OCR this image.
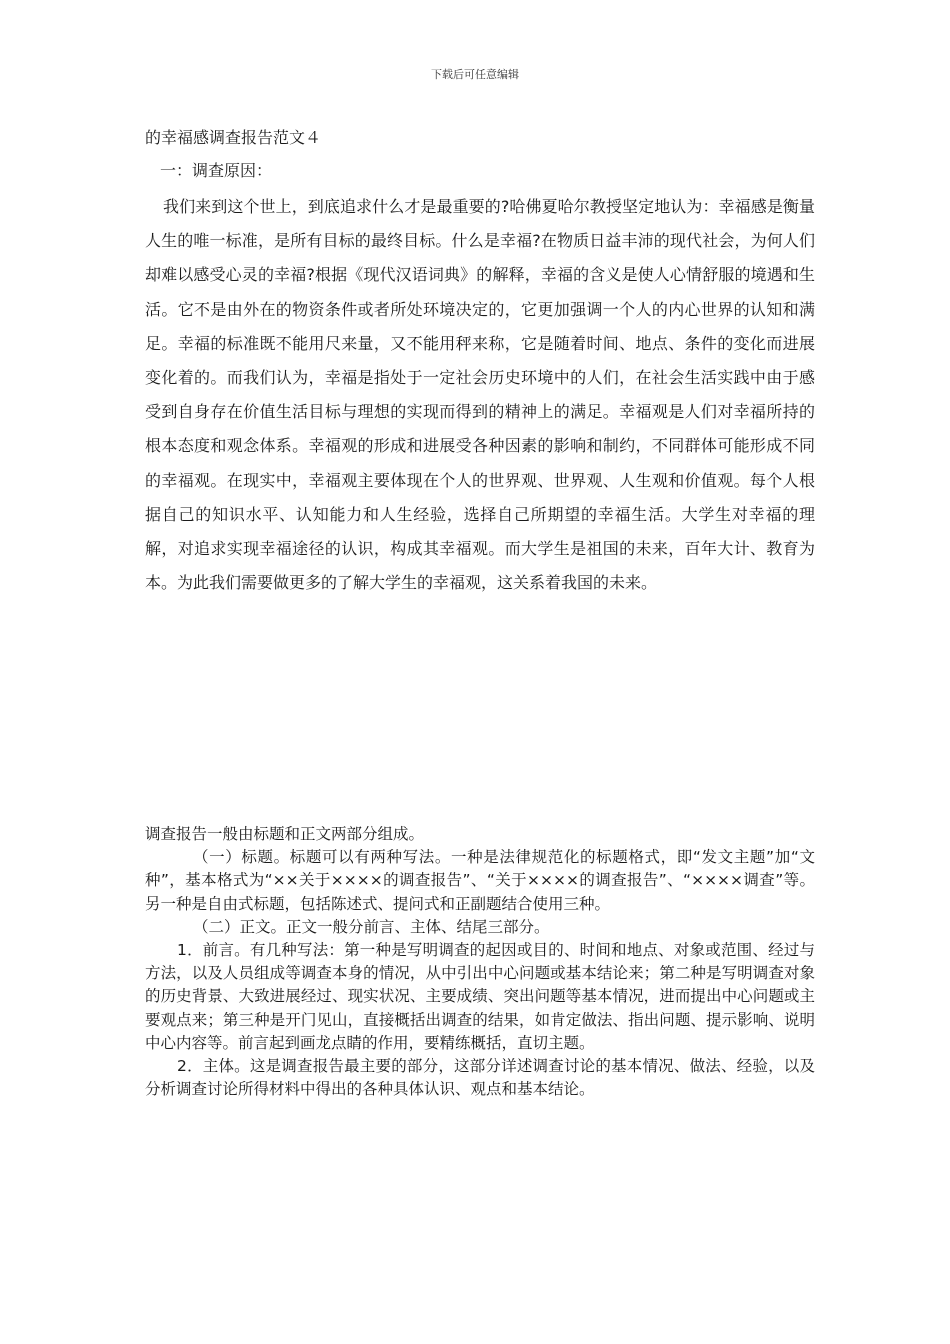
下载后可任意编辑
的幸福感调查报告范文４
一：调查原因：

我们来到这个世上，到底追求什么才是最重要的?哈佛夏哈尔教授坚定地认为：幸福感是衡量人生的唯一标准，是所有目标的最终目标。什么是幸福?在物质日益丰沛的现代社会，为何人们却难以感受心灵的幸福?根据《现代汉语词典》的解释，幸福的含义是使人心情舒服的境遇和生活。它不是由外在的物资条件或者所处环境决定的，它更加强调一个人的内心世界的认知和满足。幸福的标准既不能用尺来量，又不能用秤来称，它是随着时间、地点、条件的变化而进展变化着的。而我们认为，幸福是指处于一定社会历史环境中的人们，在社会生活实践中由于感受到自身存在价值生活目标与理想的实现而得到的精神上的满足。幸福观是人们对幸福所持的根本态度和观念体系。幸福观的形成和进展受各种因素的影响和制约，不同群体可能形成不同的幸福观。在现实中，幸福观主要体现在个人的世界观、世界观、人生观和价值观。每个人根据自己的知识水平、认知能力和人生经验，选择自己所期望的幸福生活。大学生对幸福的理解，对追求实现幸福途径的认识，构成其幸福观。而大学生是祖国的未来，百年大计、教育为本。为此我们需要做更多的了解大学生的幸福观，这关系着我国的未来。

调查报告一般由标题和正文两部分组成。

（一）标题。标题可以有两种写法。一种是法律规范化的标题格式，即“发文主题”加“文种”，基本格式为“××关于××××的调查报告”、“关于××××的调查报告”、“××××调查”等。另一种是自由式标题，包括陈述式、提问式和正副题结合使用三种。

（二）正文。正文一般分前言、主体、结尾三部分。

1．前言。有几种写法：第一种是写明调查的起因或目的、时间和地点、对象或范围、经过与方法，以及人员组成等调查本身的情况，从中引出中心问题或基本结论来；第二种是写明调查对象的历史背景、大致进展经过、现实状况、主要成绩、突出问题等基本情况，进而提出中心问题或主要观点来；第三种是开门见山，直接概括出调查的结果，如肯定做法、指出问题、提示影响、说明中心内容等。前言起到画龙点睛的作用，要精练概括，直切主题。

2．主体。这是调查报告最主要的部分，这部分详述调查讨论的基本情况、做法、经验，以及分析调查讨论所得材料中得出的各种具体认识、观点和基本结论。
